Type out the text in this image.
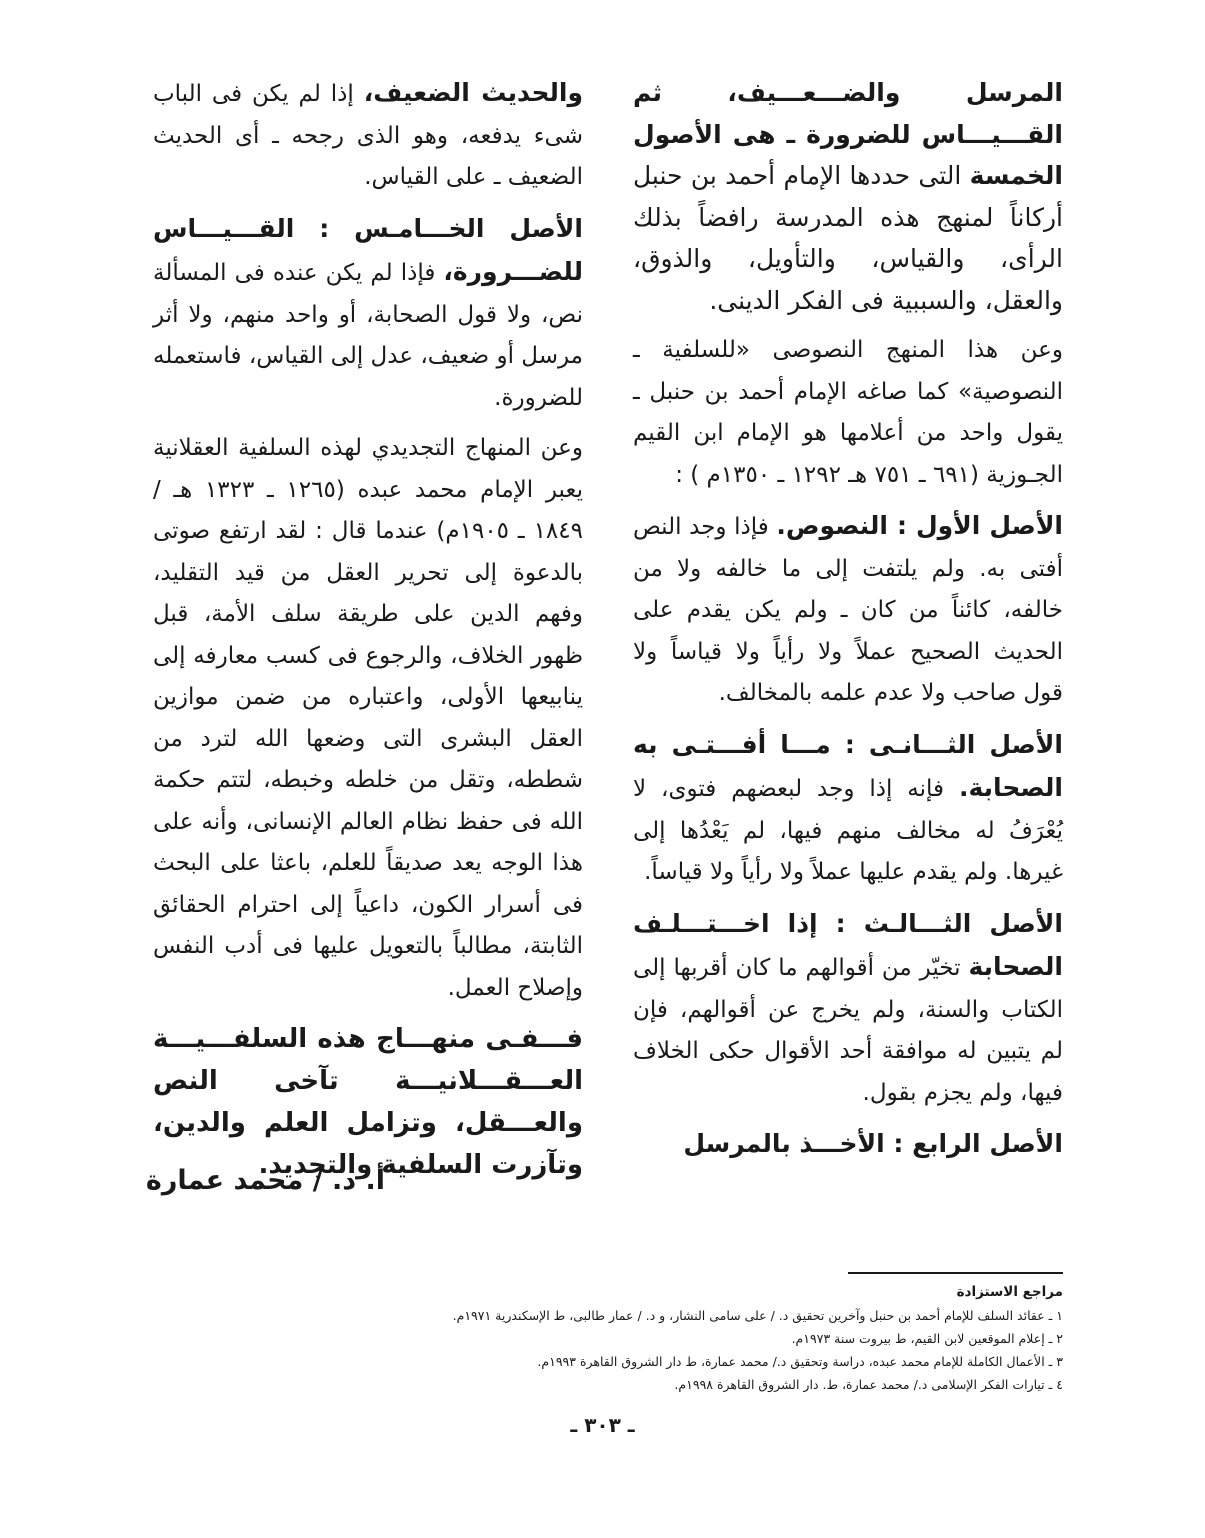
المرسل والضـــعـــيف، ثم القـــيـــاس للضرورة ـ هى الأصول الخمسة التى حددها الإمام أحمد بن حنبل أركاناً لمنهج هذه المدرسة رافضاً بذلك الرأى، والقياس، والتأويل، والذوق، والعقل، والسببية فى الفكر الدينى.

وعن هذا المنهج النصوصى «للسلفية ـ النصوصية» كما صاغه الإمام أحمد بن حنبل ـ يقول واحد من أعلامها هو الإمام ابن القيم الجـوزية (٦٩١ ـ ٧٥١ هـ ١٢٩٢ ـ ١٣٥٠م ) :

الأصل الأول : النصوص. فإذا وجد النص أفتى به. ولم يلتفت إلى ما خالفه ولا من خالفه، كائناً من كان ـ ولم يكن يقدم على الحديث الصحيح عملاً ولا رأياً ولا قياساً ولا قول صاحب ولا عدم علمه بالمخالف.

الأصل الثـــانـى : مـــا أفـــتـى به الصحابة. فإنه إذا وجد لبعضهم فتوى، لا يُعْرَفُ له مخالف منهم فيها، لم يَعْدُها إلى غيرها. ولم يقدم عليها عملاً ولا رأياً ولا قياساً.

الأصل الثـــالـث : إذا اخـــتـــلـف الصحابة تخيّر من أقوالهم ما كان أقربها إلى الكتاب والسنة، ولم يخرج عن أقوالهم، فإن لم يتبين له موافقة أحد الأقوال حكى الخلاف فيها، ولم يجزم بقول.

الأصل الرابع : الأخـــذ بالمرسل

والحديث الضعيف، إذا لم يكن فى الباب شىء يدفعه، وهو الذى رجحه ـ أى الحديث الضعيف ـ على القياس.

الأصل الخـــامـس : القـــيـــاس للضـــرورة، فإذا لم يكن عنده فى المسألة نص، ولا قول الصحابة، أو واحد منهم، ولا أثر مرسل أو ضعيف، عدل إلى القياس، فاستعمله للضرورة.

وعن المنهاج التجديدي لهذه السلفية العقلانية يعبر الإمام محمد عبده (١٢٦٥ ـ ١٣٢٣ هـ /١٨٤٩ ـ ١٩٠٥م) عندما قال : لقد ارتفع صوتى بالدعوة إلى تحرير العقل من قيد التقليد، وفهم الدين على طريقة سلف الأمة، قبل ظهور الخلاف، والرجوع فى كسب معارفه إلى ينابيعها الأولى، واعتباره من ضمن موازين العقل البشرى التى وضعها الله لترد من شططه، وتقل من خلطه وخبطه، لتتم حكمة الله فى حفظ نظام العالم الإنسانى، وأنه على هذا الوجه يعد صديقاً للعلم، باعثا على البحث فى أسرار الكون، داعياً إلى احترام الحقائق الثابتة، مطالباً بالتعويل عليها فى أدب النفس وإصلاح العمل.

فـــفـى منهـــاج هذه السلفـــيـــة العـــقـــلانيـــة تآخى النص والعـــقل، وتزامل العلم والدين، وتآزرت السلفية والتجديد.

أ. د. / محمد عمارة
مراجع الاستزادة
١ ـ عقائد السلف للإمام أحمد بن حنبل وآخرين تحقيق د. / على سامى النشار، و د. / عمار طالبى، ط الإسكندرية ١٩٧١م.
٢ ـ إعلام الموقعين لابن القيم، ط بيروت سنة ١٩٧٣م.
٣ ـ الأعمال الكاملة للإمام محمد عبده، دراسة وتحقيق د./ محمد عمارة، ط دار الشروق القاهرة ١٩٩٣م.
٤ ـ تيارات الفكر الإسلامى د./ محمد عمارة، ط. دار الشروق القاهرة ١٩٩٨م.
ـ ٣٠٣ ـ
